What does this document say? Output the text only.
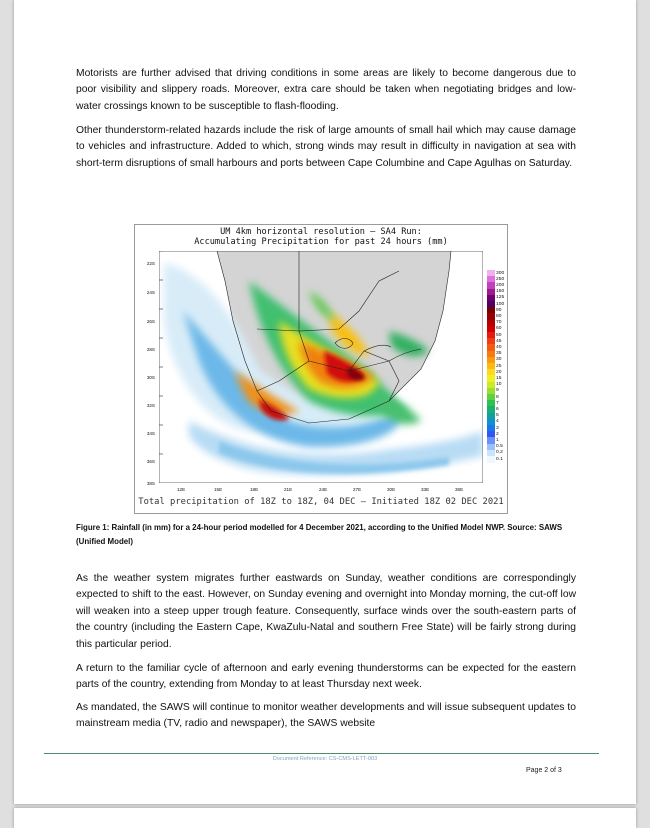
Motorists are further advised that driving conditions in some areas are likely to become dangerous due to poor visibility and slippery roads. Moreover, extra care should be taken when negotiating bridges and low-water crossings known to be susceptible to flash-flooding.

Other thunderstorm-related hazards include the risk of large amounts of small hail which may cause damage to vehicles and infrastructure. Added to which, strong winds may result in difficulty in navigation at sea with short-term disruptions of small harbours and ports between Cape Columbine and Cape Agulhas on Saturday.

UM 4km horizontal resolution – SA4 Run:
Accumulating Precipitation for past 24 hours (mm)
22S
24S
26S
28S
30S
32S
34S
36S
38S
12E	15E	18E	21E	24E	27E	30E	33E	36E
300
250
200
150
125
100
90
80
70
60
50
45
40
35
30
25
20
15
10
9
8
7
6
5
4
3
2
1
0.5
0.2
0.1
Total precipitation of 18Z to 18Z, 04 DEC – Initiated 18Z 02 DEC 2021

Figure 1: Rainfall (in mm) for a 24-hour period modelled for 4 December 2021, according to the Unified Model NWP. Source: SAWS (Unified Model)

As the weather system migrates further eastwards on Sunday, weather conditions are correspondingly expected to shift to the east. However, on Sunday evening and overnight into Monday morning, the cut-off low will weaken into a steep upper trough feature. Consequently, surface winds over the south-eastern parts of the country (including the Eastern Cape, KwaZulu-Natal and southern Free State) will be fairly strong during this particular period.

A return to the familiar cycle of afternoon and early evening thunderstorms can be expected for the eastern parts of the country, extending from Monday to at least Thursday next week.

As mandated, the SAWS will continue to monitor weather developments and will issue subsequent updates to mainstream media (TV, radio and newspaper), the SAWS website

Document Reference: CS-CMS-LETT-003
Page 2 of 3
